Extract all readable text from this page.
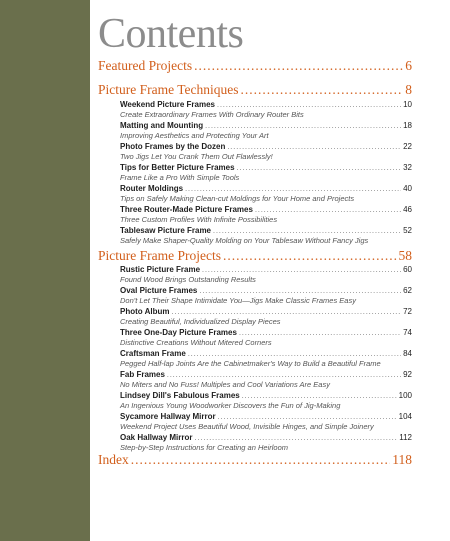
Contents
Featured Projects .....	6
Picture Frame Techniques .....	8
Weekend Picture Frames .....	10
Create Extraordinary Frames With Ordinary Router Bits
Matting and Mounting .....	18
Improving Aesthetics and Protecting Your Art
Photo Frames by the Dozen .....	22
Two Jigs Let You Crank Them Out Flawlessly!
Tips for Better Picture Frames .....	32
Frame Like a Pro With Simple Tools
Router Moldings .....	40
Tips on Safely Making Clean-cut Moldings for Your Home and Projects
Three Router-Made Picture Frames .....	46
Three Custom Profiles With Infinite Possibilities
Tablesaw Picture Frame .....	52
Safely Make Shaper-Quality Molding on Your Tablesaw Without Fancy Jigs
Picture Frame Projects .....	58
Rustic Picture Frame .....	60
Found Wood Brings Outstanding Results
Oval Picture Frames .....	62
Don't Let Their Shape Intimidate You—Jigs Make Classic Frames Easy
Photo Album .....	72
Creating Beautiful, Individualized Display Pieces
Three One-Day Picture Frames .....	74
Distinctive Creations Without Mitered Corners
Craftsman Frame .....	84
Pegged Half-lap Joints Are the Cabinetmaker's Way to Build a Beautiful Frame
Fab Frames .....	92
No Miters and No Fuss! Multiples and Cool Variations Are Easy
Lindsey Dill's Fabulous Frames .....	100
An Ingenious Young Woodworker Discovers the Fun of Jig-Making
Sycamore Hallway Mirror .....	104
Weekend Project Uses Beautiful Wood, Invisible Hinges, and Simple Joinery
Oak Hallway Mirror .....	112
Step-by-Step Instructions for Creating an Heirloom
Index .....	118
